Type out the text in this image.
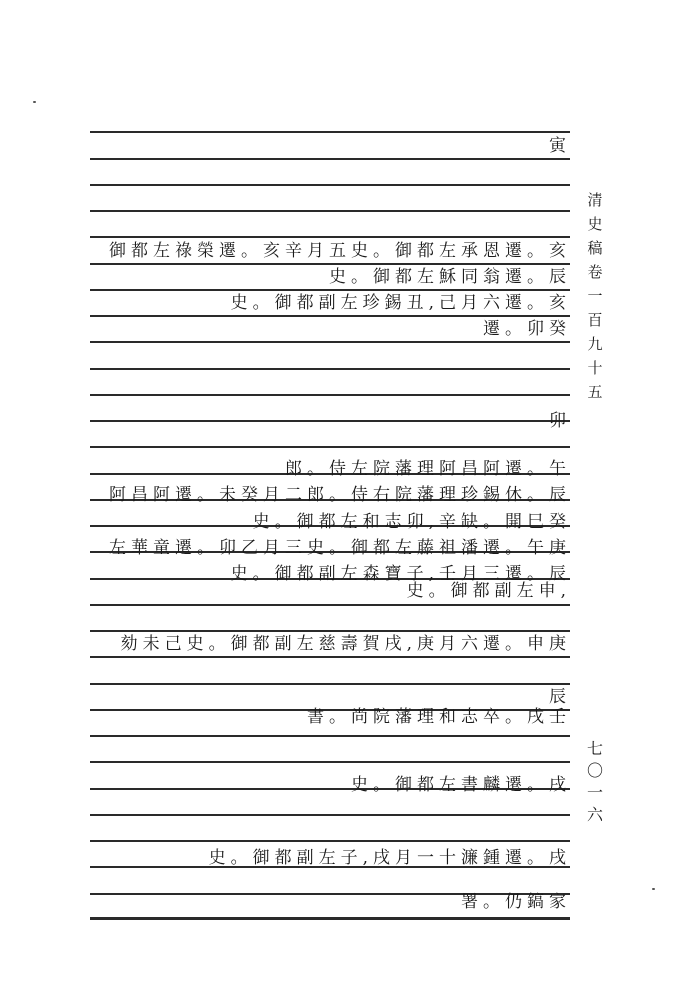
寅
御都左祿榮遷。亥辛月五史。御都左承恩遷。亥
史。御都左穌同翁遷。辰
史。御都副左珍錫丑,己月六遷。亥
遷。卯癸
卯
郎。侍左院藩理阿昌阿遷。午
阿昌阿遷。未癸月二郎。侍右院藩理珍錫休。辰
史。御都左和志卯,辛缺。開巳癸
左華童遷。卯乙月三史。御都左藤祖潘遷。午庚
史。御都副左森寶子,壬月三遷。辰
史。御都副左申,
劾未己史。御都副左慈壽賀戌,庚月六遷。申庚
辰
書。尚院藩理和志卒。戌壬
史。御都左書麟遷。戌
史。御都副左子,戌月一十濂鍾遷。戌
署。仍鎬家
清史稿卷一百九十五
七〇一六
